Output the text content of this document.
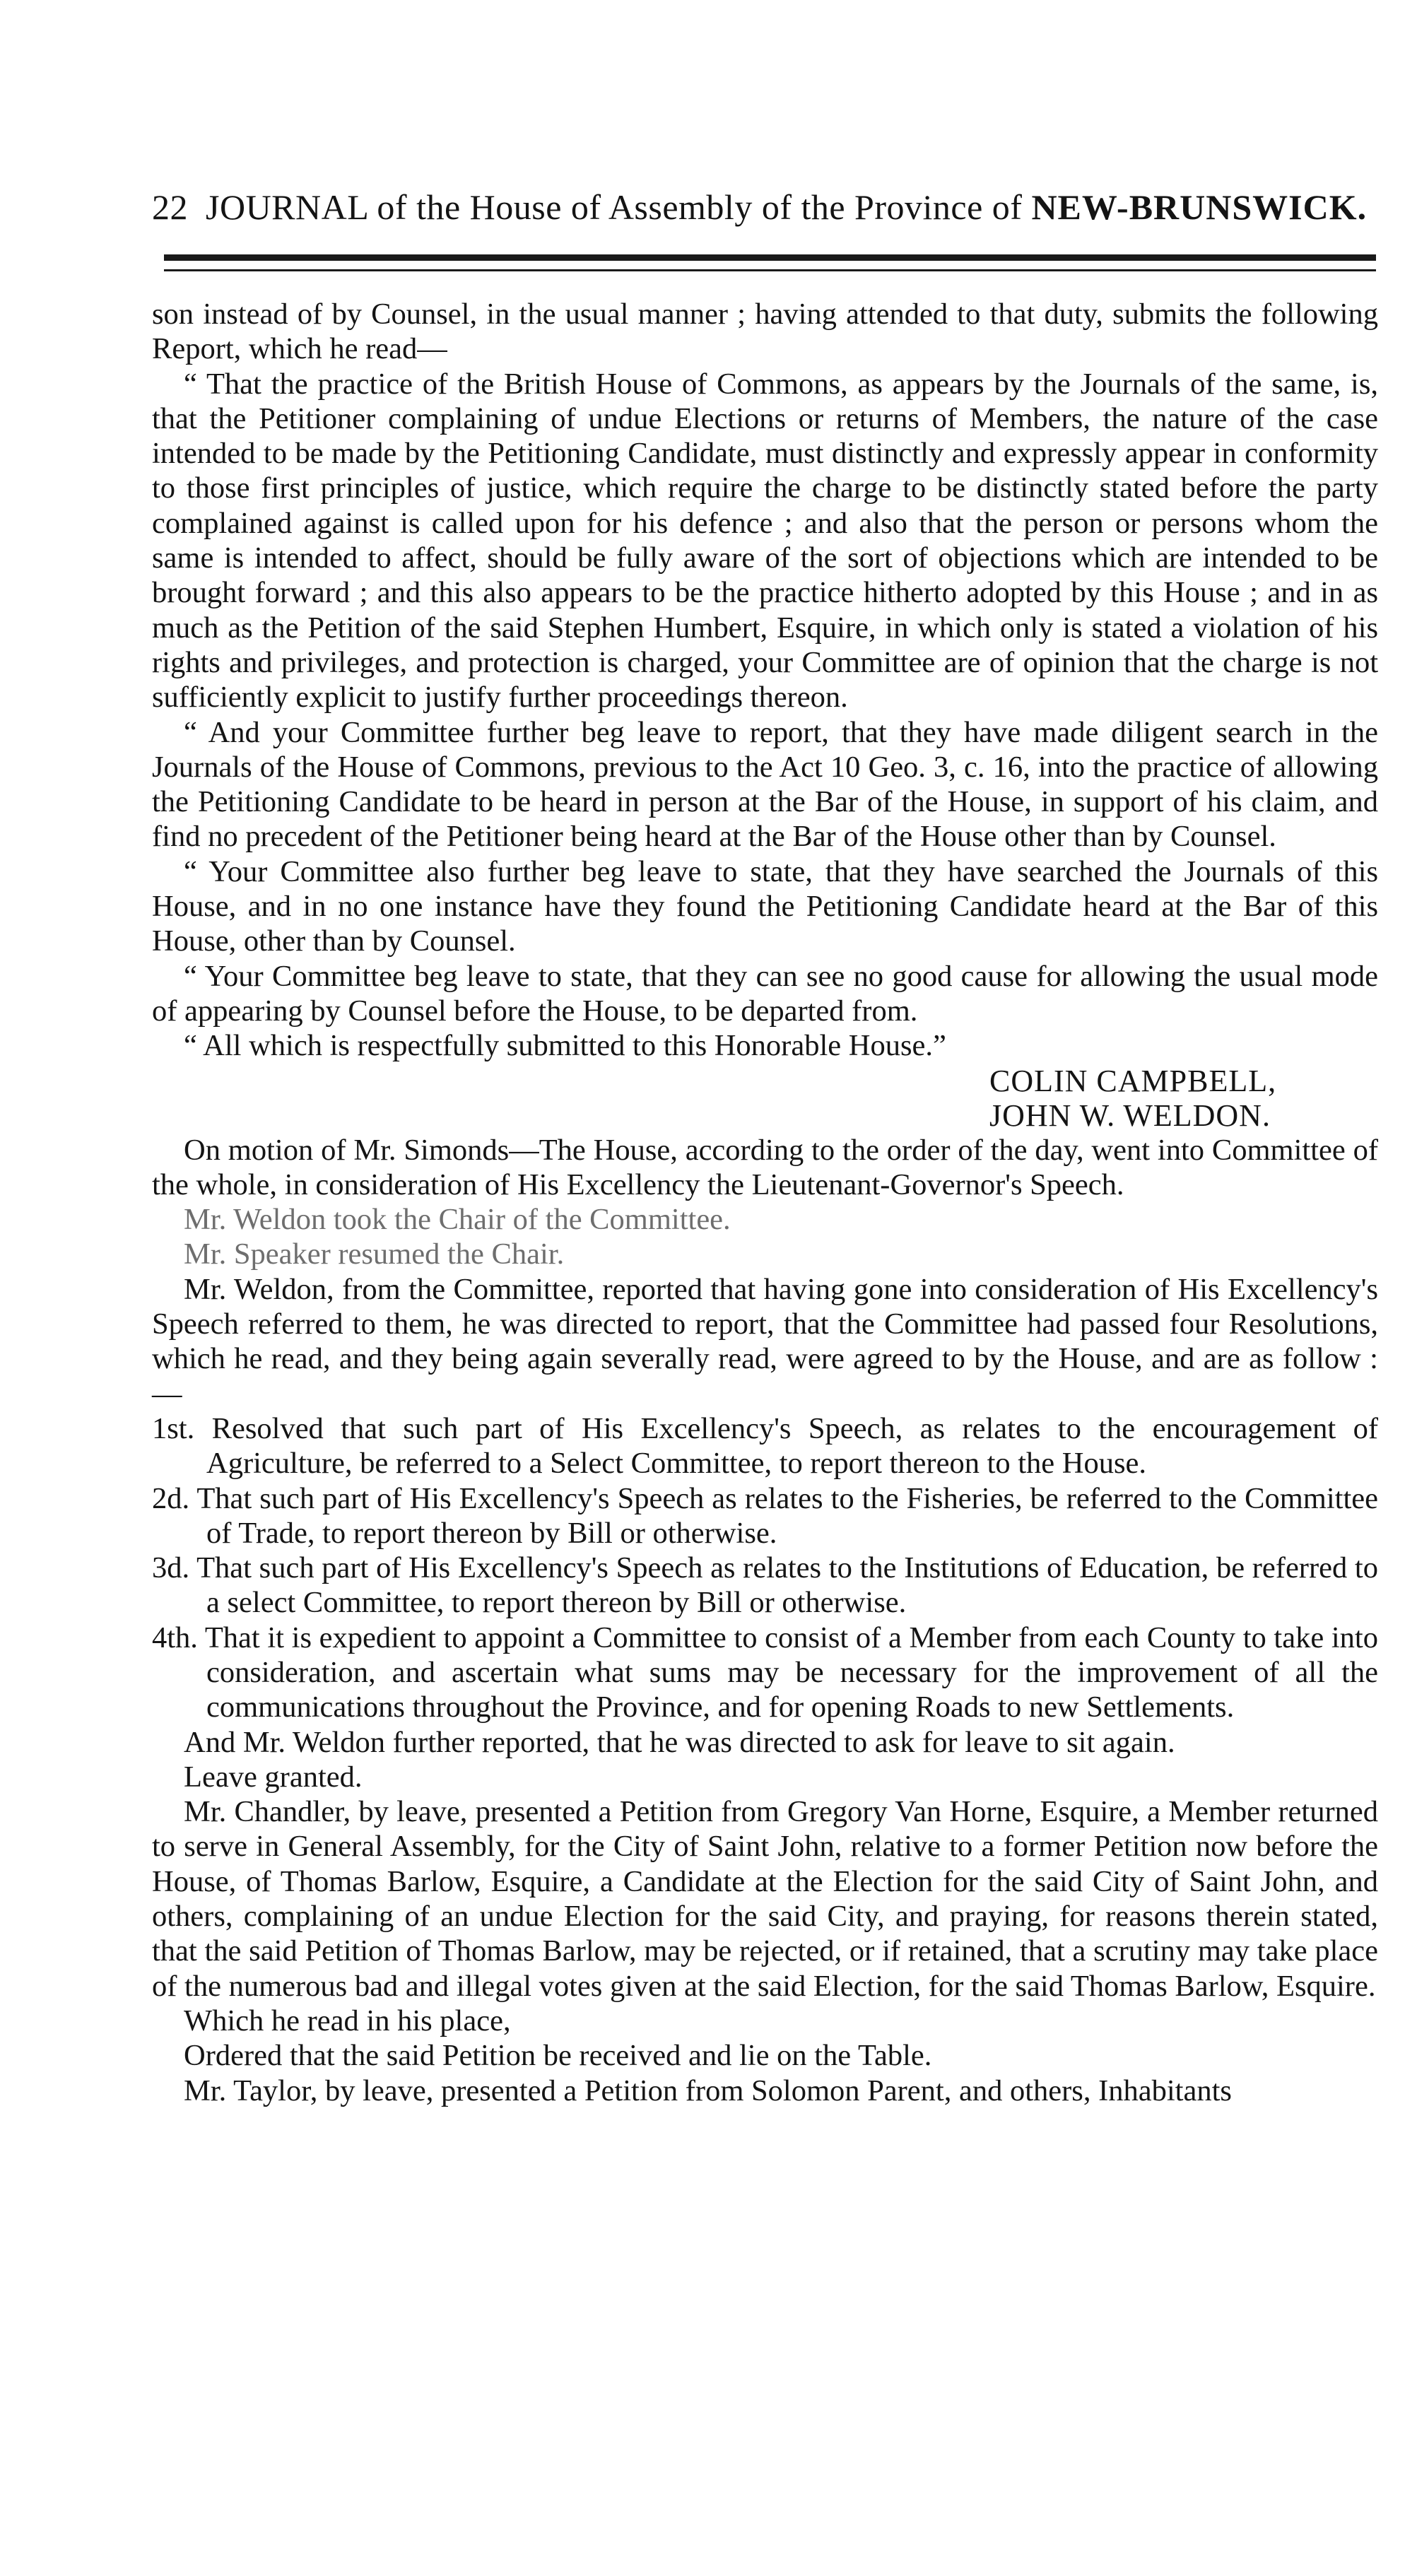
22 JOURNAL of the House of Assembly of the Province of NEW-BRUNSWICK.

son instead of by Counsel, in the usual manner ; having attended to that duty, submits the following Report, which he read—

“ That the practice of the British House of Commons, as appears by the Journals of the same, is, that the Petitioner complaining of undue Elections or returns of Members, the nature of the case intended to be made by the Petitioning Candidate, must distinctly and expressly appear in conformity to those first principles of justice, which require the charge to be distinctly stated before the party complained against is called upon for his defence ; and also that the person or persons whom the same is intended to affect, should be fully aware of the sort of objections which are intended to be brought forward ; and this also appears to be the practice hitherto adopted by this House ; and in as much as the Petition of the said Stephen Humbert, Esquire, in which only is stated a violation of his rights and privileges, and protection is charged, your Committee are of opinion that the charge is not sufficiently explicit to justify further proceedings thereon.

“ And your Committee further beg leave to report, that they have made diligent search in the Journals of the House of Commons, previous to the Act 10 Geo. 3, c. 16, into the practice of allowing the Petitioning Candidate to be heard in person at the Bar of the House, in support of his claim, and find no precedent of the Petitioner being heard at the Bar of the House other than by Counsel.

“ Your Committee also further beg leave to state, that they have searched the Journals of this House, and in no one instance have they found the Petitioning Candidate heard at the Bar of this House, other than by Counsel.

“ Your Committee beg leave to state, that they can see no good cause for allowing the usual mode of appearing by Counsel before the House, to be departed from.

“ All which is respectfully submitted to this Honorable House.”

COLIN CAMPBELL,

JOHN W. WELDON.

On motion of Mr. Simonds—The House, according to the order of the day, went into Committee of the whole, in consideration of His Excellency the Lieutenant-Governor's Speech.

Mr. Weldon took the Chair of the Committee.

Mr. Speaker resumed the Chair.

Mr. Weldon, from the Committee, reported that having gone into consideration of His Excellency's Speech referred to them, he was directed to report, that the Committee had passed four Resolutions, which he read, and they being again severally read, were agreed to by the House, and are as follow :—

1st. Resolved that such part of His Excellency's Speech, as relates to the encouragement of Agriculture, be referred to a Select Committee, to report thereon to the House.

2d. That such part of His Excellency's Speech as relates to the Fisheries, be referred to the Committee of Trade, to report thereon by Bill or otherwise.

3d. That such part of His Excellency's Speech as relates to the Institutions of Education, be referred to a select Committee, to report thereon by Bill or otherwise.

4th. That it is expedient to appoint a Committee to consist of a Member from each County to take into consideration, and ascertain what sums may be necessary for the improvement of all the communications throughout the Province, and for opening Roads to new Settlements.

And Mr. Weldon further reported, that he was directed to ask for leave to sit again.

Leave granted.

Mr. Chandler, by leave, presented a Petition from Gregory Van Horne, Esquire, a Member returned to serve in General Assembly, for the City of Saint John, relative to a former Petition now before the House, of Thomas Barlow, Esquire, a Candidate at the Election for the said City of Saint John, and others, complaining of an undue Election for the said City, and praying, for reasons therein stated, that the said Petition of Thomas Barlow, may be rejected, or if retained, that a scrutiny may take place of the numerous bad and illegal votes given at the said Election, for the said Thomas Barlow, Esquire.

Which he read in his place,

Ordered that the said Petition be received and lie on the Table.

Mr. Taylor, by leave, presented a Petition from Solomon Parent, and others, Inhabitants
